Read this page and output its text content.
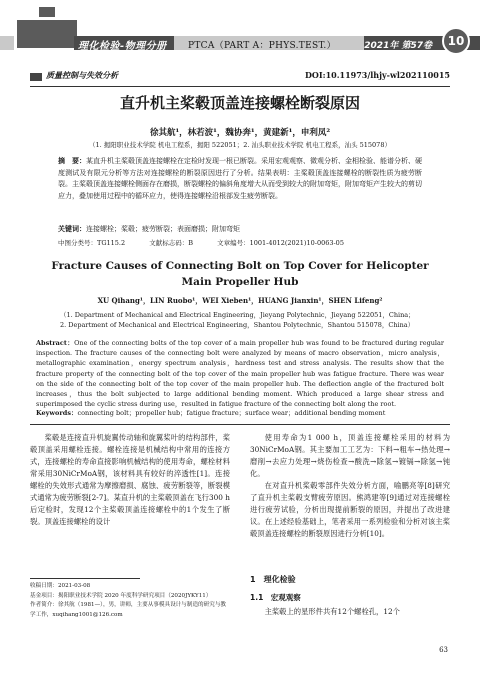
理化检验-物理分册 PTCA（PART A：PHYS.TEST.）	2021年 第57卷	10
质量控制与失效分析	DOI:10.11973/lhjy-wl202110015
直升机主桨毂顶盖连接螺栓断裂原因
徐其航¹，林若波¹，魏协奔¹，黄建新¹，申利凤²
（1. 揭阳职业技术学院 机电工程系，揭阳 522051；2. 汕头职业技术学院 机电工程系，汕头 515078）
摘　要：某直升机主桨毂顶盖连接螺栓在定检时发现一根已断裂。采用宏观观察、微观分析、金相检验、能谱分析、硬度测试及有限元分析等方法对连接螺栓的断裂原因进行了分析。结果表明：主桨毂顶盖连接螺栓的断裂性质为疲劳断裂。主桨毂顶盖连接螺栓侧面存在磨损，断裂螺栓的偏斜角度增大从而受到较大的附加弯矩，附加弯矩产生较大的剪切应力，叠加使用过程中的循环应力，使得连接螺栓沿根部发生疲劳断裂。
关键词：连接螺栓；桨毂；疲劳断裂；表面磨损；附加弯矩
中图分类号：TG115.2	文献标志码：B	文章编号：1001-4012(2021)10-0063-05
Fracture Causes of Connecting Bolt on Top Cover for Helicopter
Main Propeller Hub
XU Qihang¹，LIN Ruobo¹，WEI Xieben¹，HUANG Jianxin¹，SHEN Lifeng²
（1. Department of Mechanical and Electrical Engineering，Jieyang Polytechnic，Jieyang 522051，China；
2. Department of Mechanical and Electrical Engineering，Shantou Polytechnic，Shantou 515078，China）
Abstract：One of the connecting bolts of the top cover of a main propeller hub was found to be fractured during regular inspection. The fracture causes of the connecting bolt were analyzed by means of macro observation，micro analysis，metallographic examination，energy spectrum analysis，hardness test and stress analysis. The results show that the fracture property of the connecting bolt of the top cover of the main propeller hub was fatigue fracture. There was wear on the side of the connecting bolt of the top cover of the main propeller hub. The deflection angle of the fractured bolt increases，thus the bolt subjected to large additional bending moment. Which produced a large shear stress and superimposed the cyclic stress during use，resulted in fatigue fracture of the connecting bolt along the root.
Keywords：connecting bolt；propeller hub；fatigue fracture；surface wear；additional bending moment

桨毂是连接直升机旋翼传动轴和旋翼桨叶的结构部件，桨毂顶盖采用螺栓连接。螺栓连接是机械结构中常用的连接方式，连接螺栓的寿命直接影响机械结构的使用寿命，螺栓材料常采用30NiCrMoA钢，该材料具有较好的淬透性[1]。连接螺栓的失效形式通常为摩擦磨损、腐蚀、疲劳断裂等，断裂模式通常为疲劳断裂[2-7]。某直升机的主桨毂顶盖在飞行300 h后定检时，发现12个主桨毂顶盖连接螺栓中的1个发生了断裂。顶盖连接螺栓的设计

收稿日期：2021-03-08
基金项目：揭阳职业技术学院 2020 年度科学研究项目（2020JYKY11）
作者简介：徐其航（1981—），男，讲师，主要从事模具设计与制造的研究与教学工作，xuqihang1001@126.com

使用寿命为1 000 h，顶盖连接螺栓采用的材料为30NiCrMoA钢。其主要加工工艺为：下料→粗车→热处理→磨削→去应力处理→烧伤检查→酸洗→除氢→镀镉→除氢→钝化。

在对直升机桨毂零部件失效分析方面，喻鹏亮等[8]研究了直升机主桨毂支臂疲劳原因。熊鸿建等[9]通过对连接螺栓进行疲劳试验，分析出现提前断裂的原因，并提出了改进建议。在上述经验基础上，笔者采用一系列检验和分析对该主桨毂顶盖连接螺栓的断裂原因进行分析[10]。

1　理化检验
1.1　宏观观察
主桨毂上的星形件共有12个螺栓孔，12个
63
